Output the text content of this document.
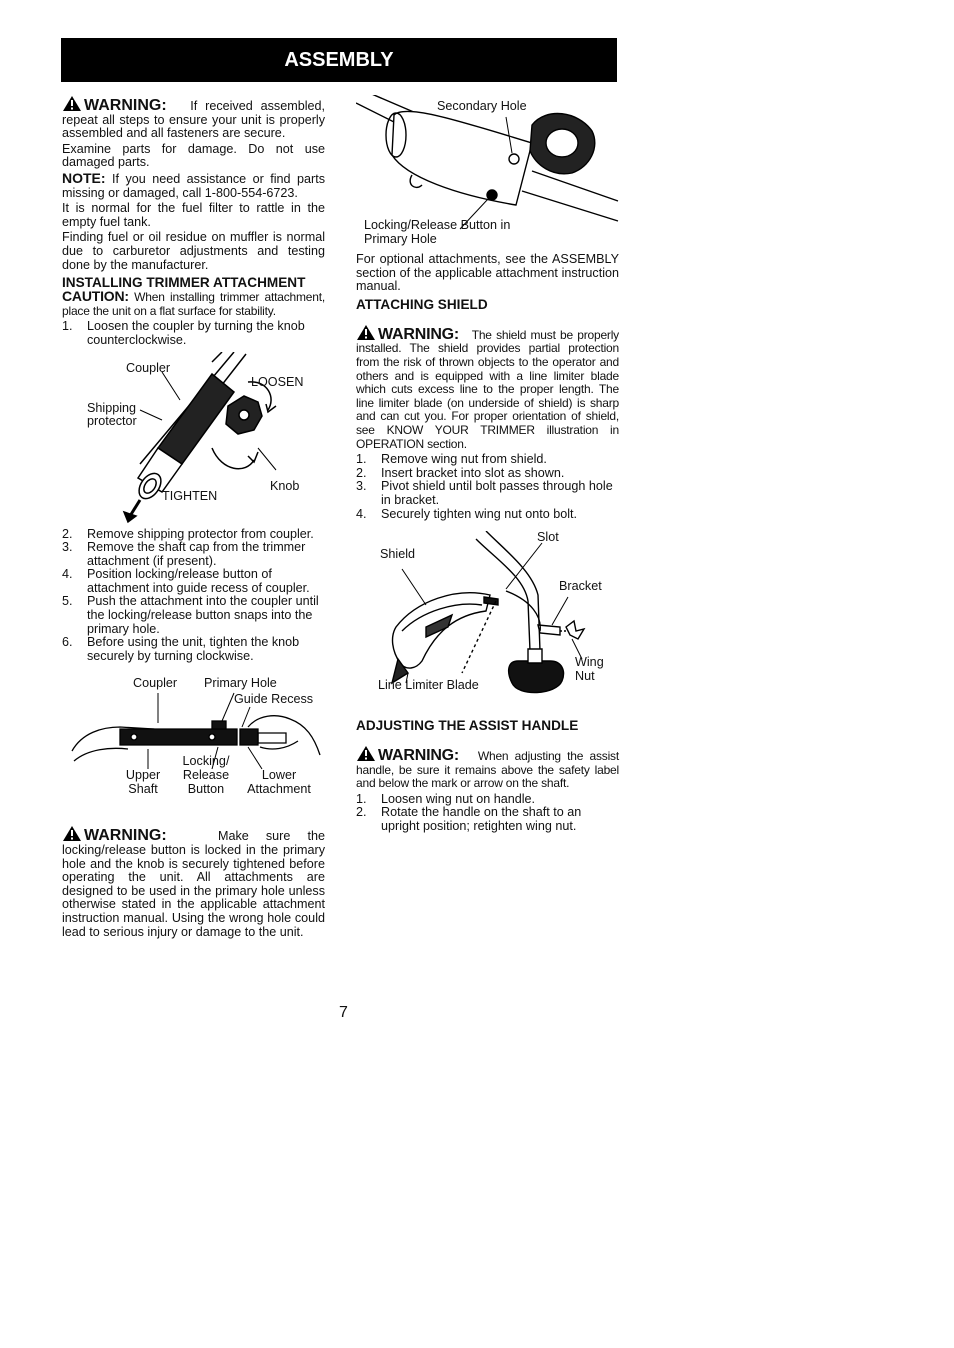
ASSEMBLY

WARNING: If received assembled, repeat all steps to ensure your unit is properly assembled and all fasteners are secure.

Examine parts for damage. Do not use damaged parts.

NOTE: If you need assistance or find parts missing or damaged, call 1-800-554-6723.

It is normal for the fuel filter to rattle in the empty fuel tank.

Finding fuel or oil residue on muffler is normal due to carburetor adjustments and testing done by the manufacturer.

INSTALLING TRIMMER ATTACHMENT

CAUTION: When installing trimmer attachment, place the unit on a flat surface for stability.

1.	Loosen the coupler by turning the knob counterclockwise.
Coupler
LOOSEN
Shipping protector
Knob
TIGHTEN
2.	Remove shipping protector from coupler.
3.	Remove the shaft cap from the trimmer attachment (if present).
4.	Position locking/release button of attachment into guide recess of coupler.
5.	Push the attachment into the coupler until the locking/release button snaps into the primary hole.
6.	Before using the unit, tighten the knob securely by turning clockwise.
Coupler Primary Hole
Guide Recess
Upper Shaft
Locking/ Release Button
Lower Attachment

WARNING:	Make sure the locking/release button is locked in the primary hole and the knob is securely tightened before operating the unit. All attachments are designed to be used in the primary hole unless otherwise stated in the applicable attachment instruction manual. Using the wrong hole could lead to serious injury or damage to the unit.

Secondary Hole
Locking/Release Button in Primary Hole

For optional attachments, see the ASSEMBLY section of the applicable attachment instruction manual.

ATTACHING SHIELD

WARNING: The shield must be properly installed. The shield provides partial protection from the risk of thrown objects to the operator and others and is equipped with a line limiter blade which cuts excess line to the proper length. The line limiter blade (on underside of shield) is sharp and can cut you. For proper orientation of shield, see KNOW YOUR TRIMMER illustration in OPERATION section.

1.	Remove wing nut from shield.
2.	Insert bracket into slot as shown.
3.	Pivot shield until bolt passes through hole in bracket.
4.	Securely tighten wing nut onto bolt.
Slot
Shield
Bracket
Wing Nut
Line Limiter Blade

ADJUSTING THE ASSIST HANDLE

WARNING: When adjusting the assist handle, be sure it remains above the safety label and below the mark or arrow on the shaft.

1.	Loosen wing nut on handle.
2.	Rotate the handle on the shaft to an upright position; retighten wing nut.
7
